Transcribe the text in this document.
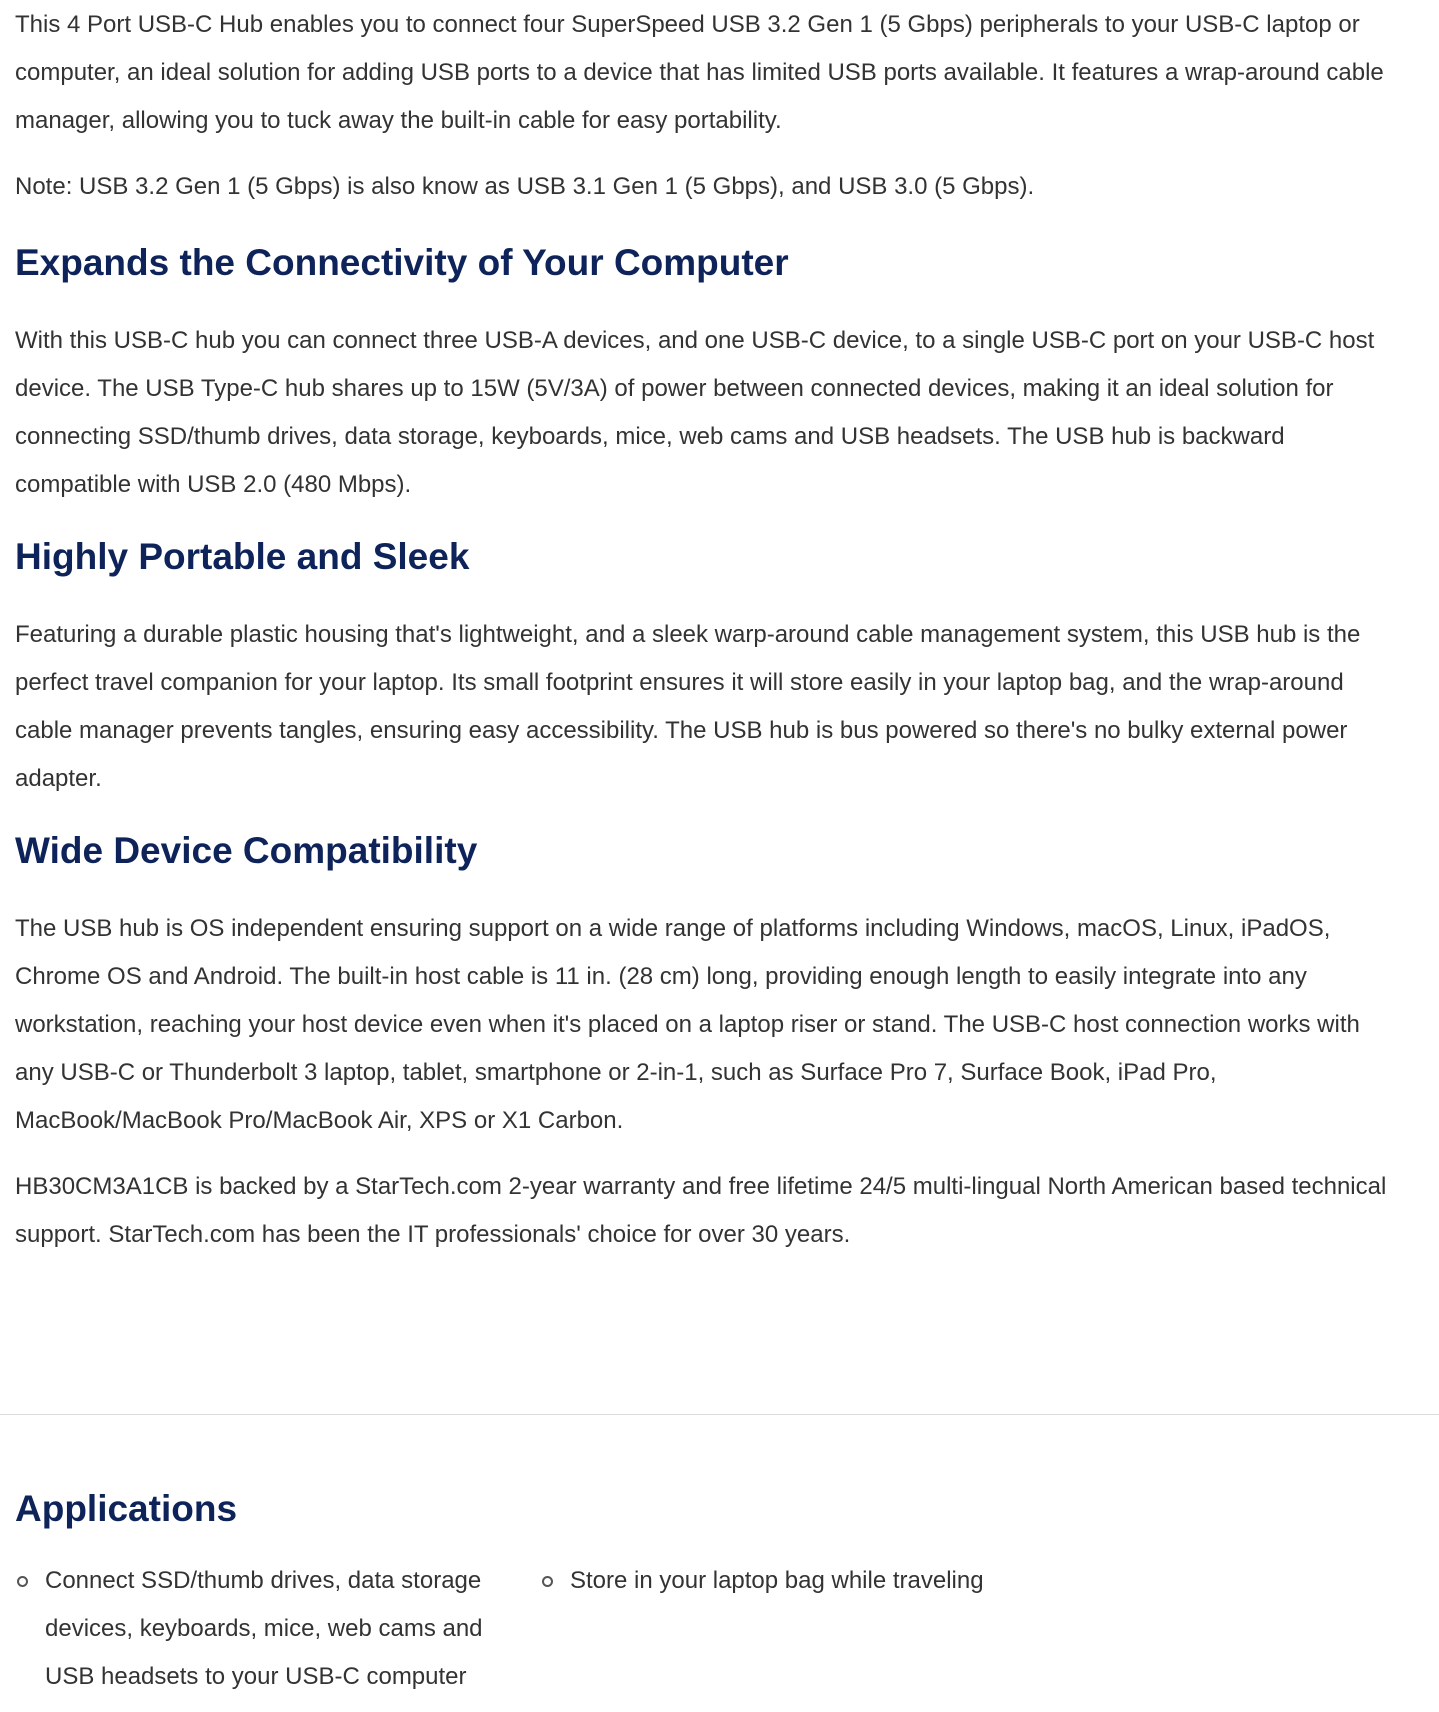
This 4 Port USB-C Hub enables you to connect four SuperSpeed USB 3.2 Gen 1 (5 Gbps) peripherals to your USB-C laptop or computer, an ideal solution for adding USB ports to a device that has limited USB ports available. It features a wrap-around cable manager, allowing you to tuck away the built-in cable for easy portability.

Note: USB 3.2 Gen 1 (5 Gbps) is also know as USB 3.1 Gen 1 (5 Gbps), and USB 3.0 (5 Gbps).

Expands the Connectivity of Your Computer

With this USB-C hub you can connect three USB-A devices, and one USB-C device, to a single USB-C port on your USB-C host device. The USB Type-C hub shares up to 15W (5V/3A) of power between connected devices, making it an ideal solution for connecting SSD/thumb drives, data storage, keyboards, mice, web cams and USB headsets. The USB hub is backward compatible with USB 2.0 (480 Mbps).

Highly Portable and Sleek

Featuring a durable plastic housing that's lightweight, and a sleek warp-around cable management system, this USB hub is the perfect travel companion for your laptop. Its small footprint ensures it will store easily in your laptop bag, and the wrap-around cable manager prevents tangles, ensuring easy accessibility. The USB hub is bus powered so there's no bulky external power adapter.

Wide Device Compatibility

The USB hub is OS independent ensuring support on a wide range of platforms including Windows, macOS, Linux, iPadOS, Chrome OS and Android. The built-in host cable is 11 in. (28 cm) long, providing enough length to easily integrate into any workstation, reaching your host device even when it's placed on a laptop riser or stand. The USB-C host connection works with any USB-C or Thunderbolt 3 laptop, tablet, smartphone or 2-in-1, such as Surface Pro 7, Surface Book, iPad Pro, MacBook/MacBook Pro/MacBook Air, XPS or X1 Carbon.

HB30CM3A1CB is backed by a StarTech.com 2-year warranty and free lifetime 24/5 multi-lingual North American based technical support. StarTech.com has been the IT professionals' choice for over 30 years.

Applications
Connect SSD/thumb drives, data storage devices, keyboards, mice, web cams and USB headsets to your USB-C computer
Store in your laptop bag while traveling
